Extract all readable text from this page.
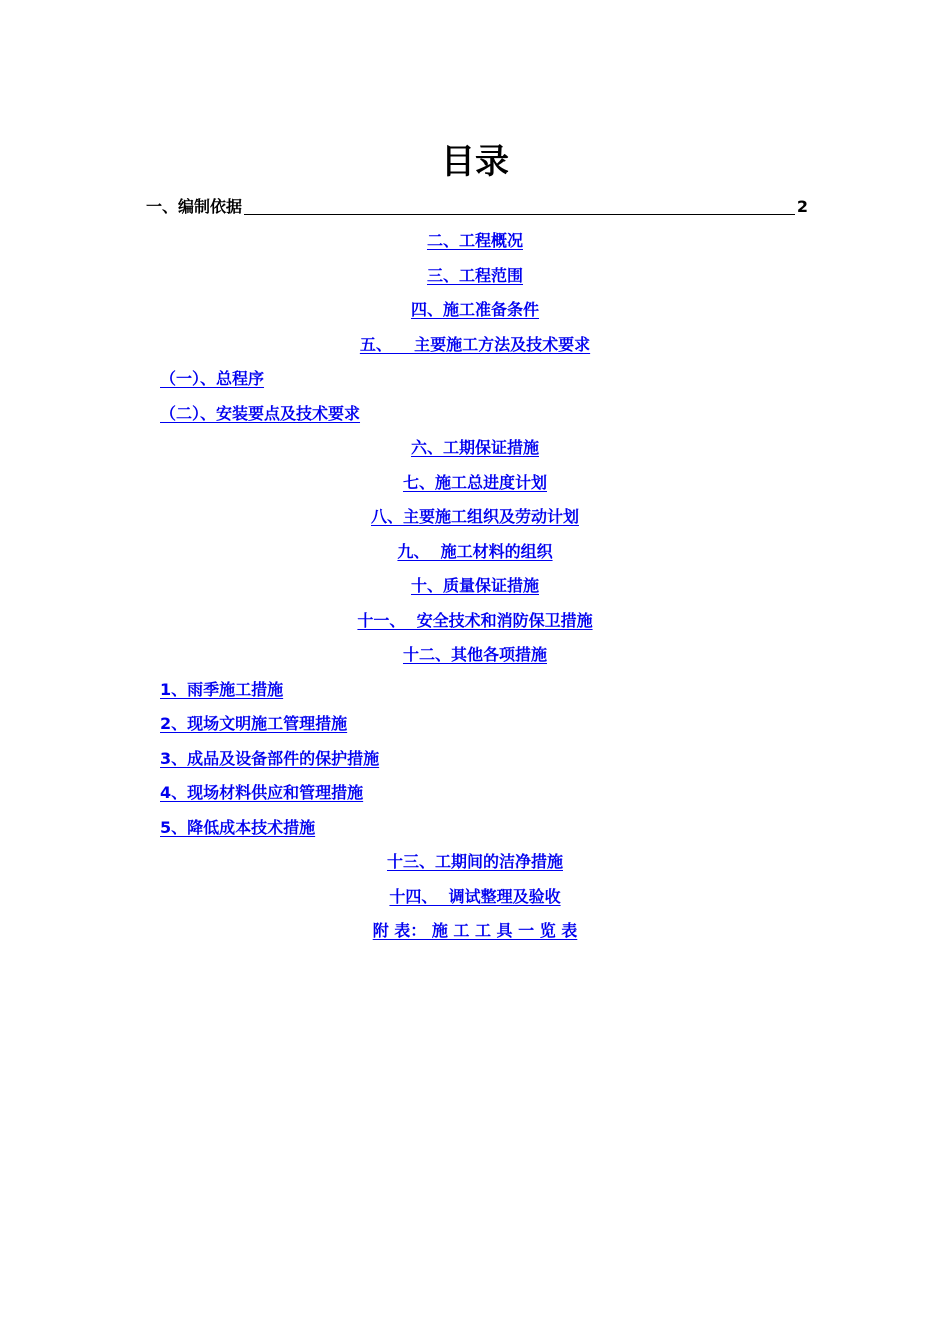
目录
一、编制依据	2
二、工程概况
三、工程范围
四、施工准备条件
五、    主要施工方法及技术要求
（一）、总程序
（二）、安装要点及技术要求
六、工期保证措施
七、施工总进度计划
八、主要施工组织及劳动计划
九、  施工材料的组织
十、质量保证措施
十一、  安全技术和消防保卫措施
十二、其他各项措施
1、雨季施工措施
2、现场文明施工管理措施
3、成品及设备部件的保护措施
4、现场材料供应和管理措施
5、降低成本技术措施
十三、工期间的洁净措施
十四、  调试整理及验收
附 表： 施 工 工 具 一 览 表
